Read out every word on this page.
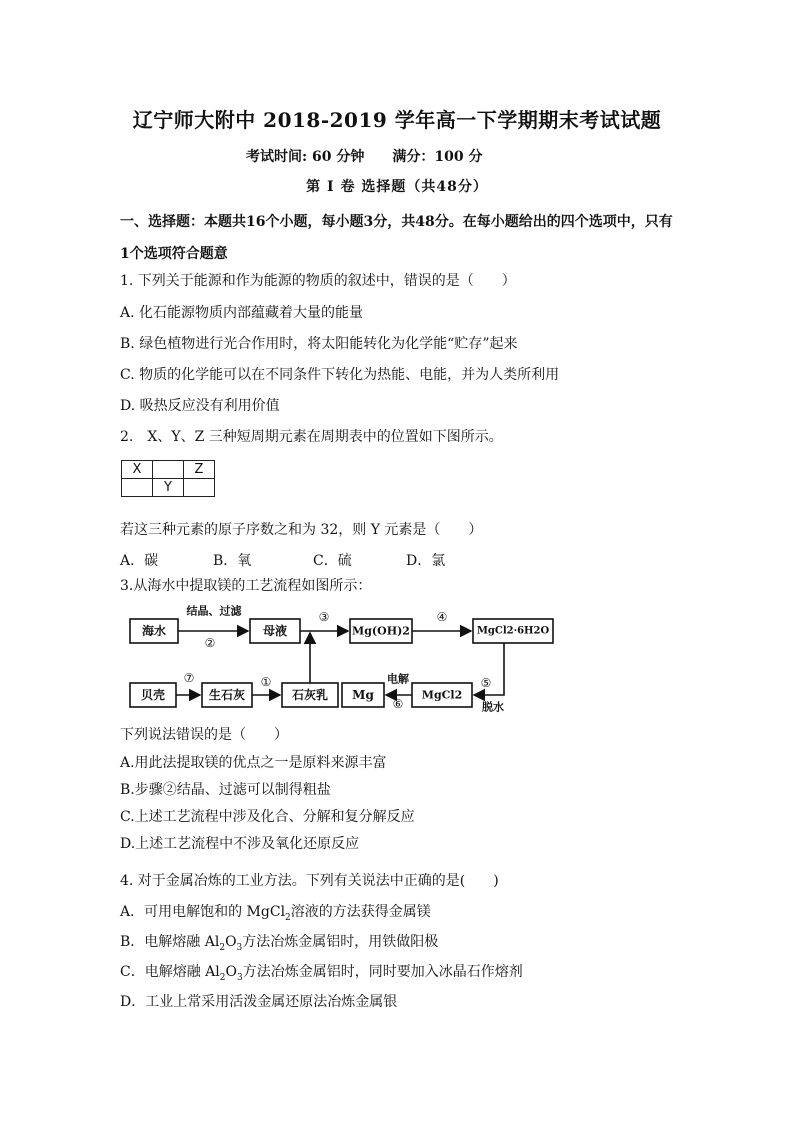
辽宁师大附中 2018-2019 学年高一下学期期末考试试题
考试时间: 60 分钟 满分：100 分
第 Ⅰ 卷 选择题（共48分）
一、选择题：本题共16个小题，每小题3分，共48分。在每小题给出的四个选项中，只有1个选项符合题意
1. 下列关于能源和作为能源的物质的叙述中，错误的是（　　）
A. 化石能源物质内部蕴藏着大量的能量
B. 绿色植物进行光合作用时，将太阳能转化为化学能“贮存”起来
C. 物质的化学能可以在不同条件下转化为热能、电能，并为人类所利用
D. 吸热反应没有利用价值
2.　X、Y、Z 三种短周期元素在周期表中的位置如下图所示。
X		Z
	Y	
若这三种元素的原子序数之和为 32，则 Y 元素是（　　）
A．碳	B．氧	C．硫	D．氯
3.从海水中提取镁的工艺流程如图所示：
海水	母液	Mg(OH)2	MgCl2·6H2O
贝壳	生石灰	石灰乳 Mg	MgCl2
结晶、过滤
②
③	④
⑦	①	⑤
脱水
电解
⑥
下列说法错误的是（　　）
A.用此法提取镁的优点之一是原料来源丰富
B.步骤②结晶、过滤可以制得粗盐
C.上述工艺流程中涉及化合、分解和复分解反应
D.上述工艺流程中不涉及氧化还原反应
4. 对于金属冶炼的工业方法。下列有关说法中正确的是(　　)
A．可用电解饱和的 MgCl$_2$溶液的方法获得金属镁
B．电解熔融 $Al_2O_3$方法冶炼金属铝时，用铁做阳极
C．电解熔融 $Al_2O_3$方法冶炼金属铝时，同时要加入冰晶石作熔剂
D．工业上常采用活泼金属还原法冶炼金属银
